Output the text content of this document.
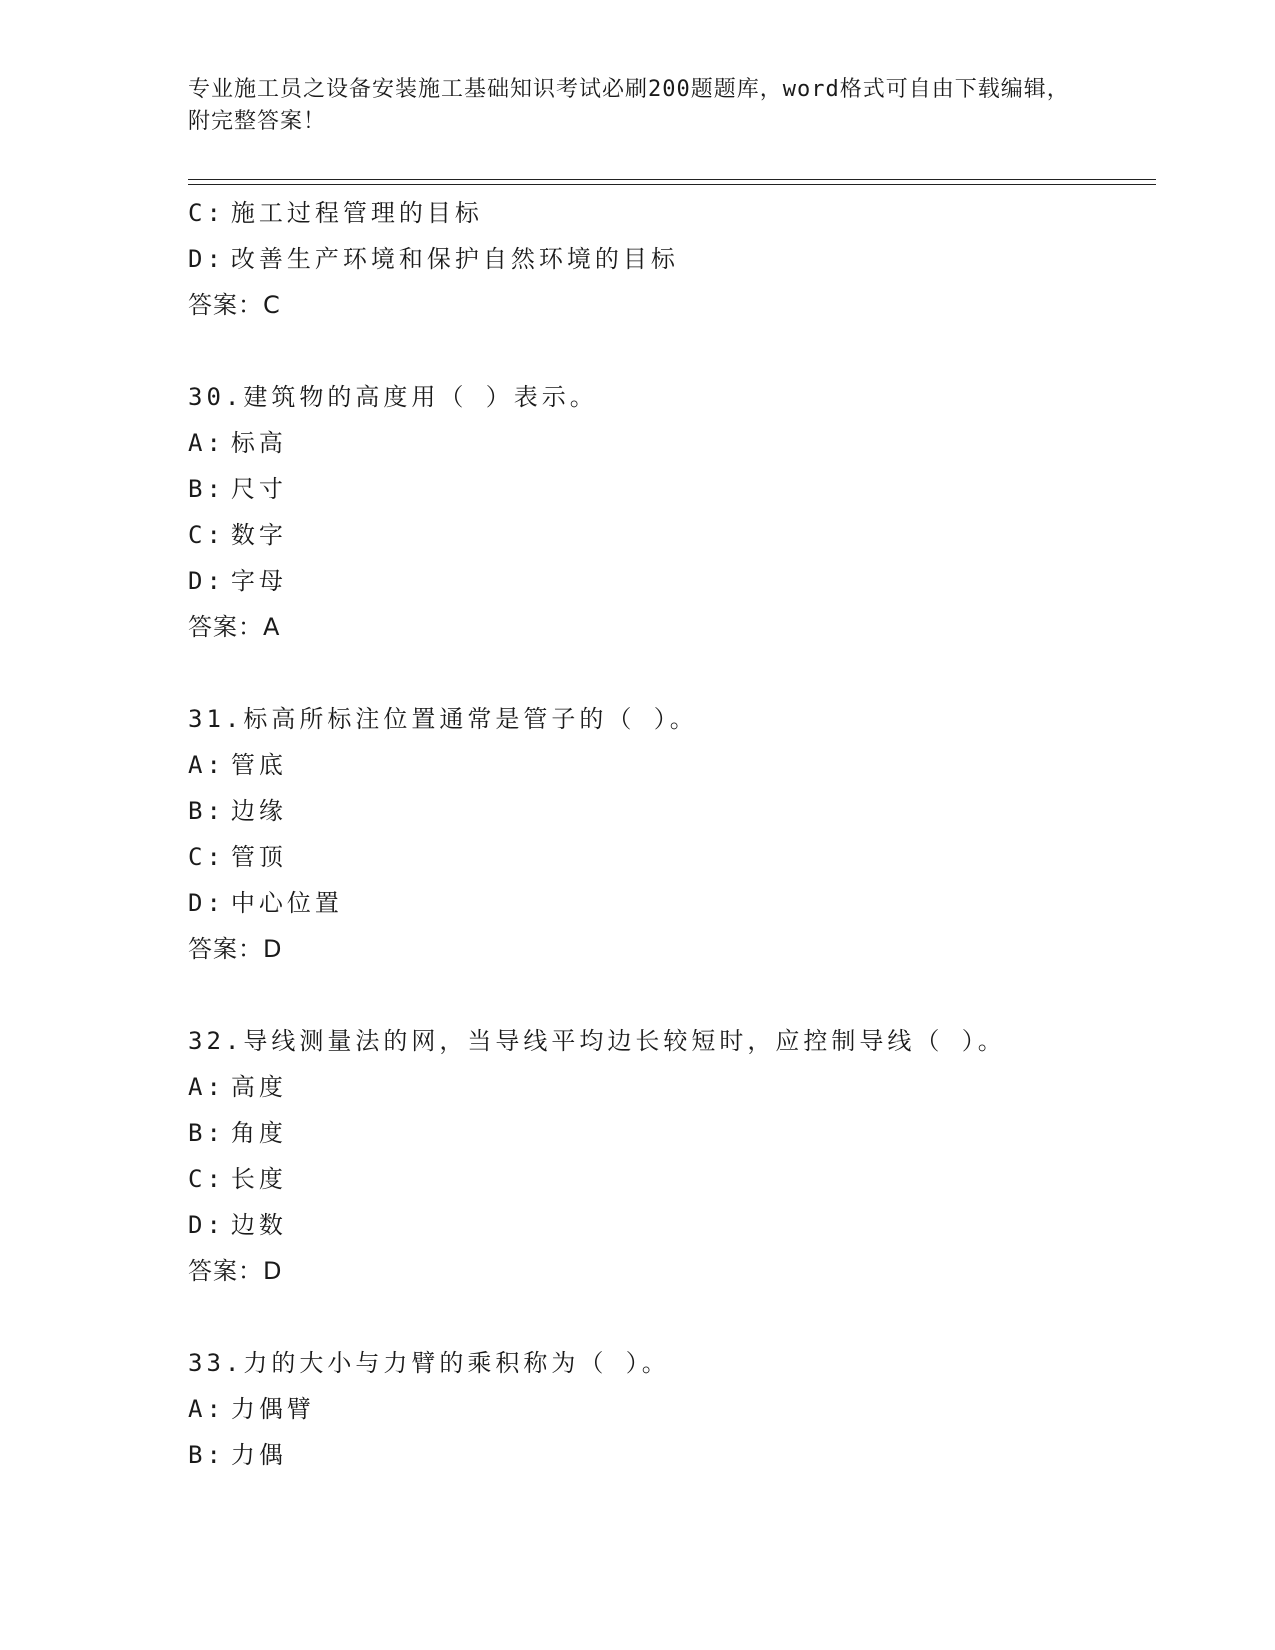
专业施工员之设备安装施工基础知识考试必刷200题题库，word格式可自由下载编辑，附完整答案！
C: 施工过程管理的目标
D: 改善生产环境和保护自然环境的目标
答案：C
30.建筑物的高度用（ ）表示。
A: 标高
B: 尺寸
C: 数字
D: 字母
答案：A
31.标高所标注位置通常是管子的（ ）。
A: 管底
B: 边缘
C: 管顶
D: 中心位置
答案：D
32.导线测量法的网，当导线平均边长较短时，应控制导线（ ）。
A: 高度
B: 角度
C: 长度
D: 边数
答案：D
33.力的大小与力臂的乘积称为（ ）。
A: 力偶臂
B: 力偶
